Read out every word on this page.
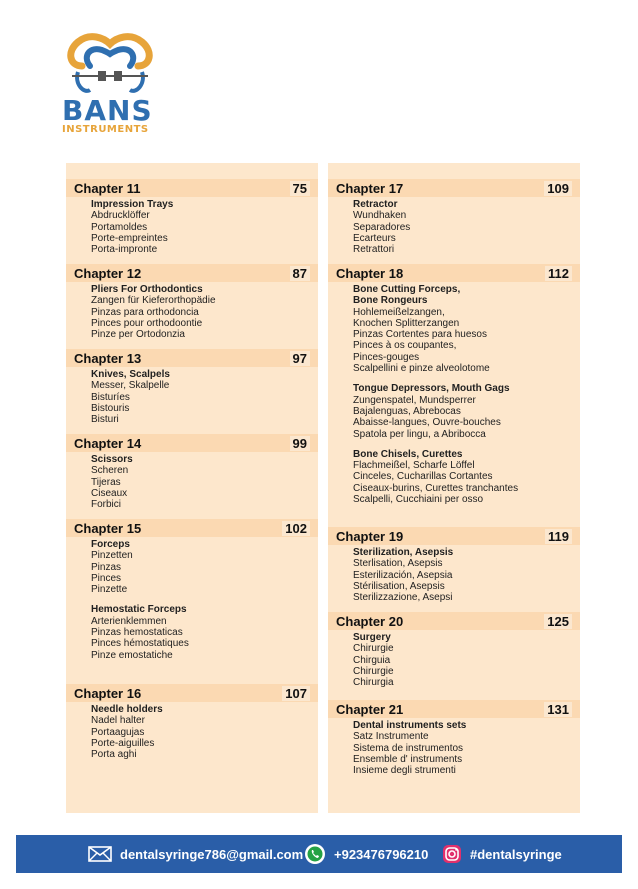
BANS
INSTRUMENTS
Chapter 11	75
Impression Trays
Abdrucklöffer
Portamoldes
Porte-empreintes
Porta-impronte
Chapter 12	87
Pliers For Orthodontics
Zangen für Kieferorthopädie
Pinzas para orthodoncia
Pinces pour orthodoontie
Pinze per Ortodonzia
Chapter 13	97
Knives, Scalpels
Messer, Skalpelle
Bisturíes
Bistouris
Bisturi
Chapter 14	99
Scissors
Scheren
Tijeras
Ciseaux
Forbici
Chapter 15	102
Forceps
Pinzetten
Pinzas
Pinces
Pinzette
Hemostatic Forceps
Arterienklemmen
Pinzas hemostaticas
Pinces hémostatiques
Pinze emostatiche
Chapter 16	107
Needle holders
Nadel halter
Portaagujas
Porte-aiguilles
Porta aghi
Chapter 17	109
Retractor
Wundhaken
Separadores
Ecarteurs
Retrattori
Chapter 18	112
Bone Cutting Forceps,
Bone Rongeurs
Hohlemeißelzangen,
Knochen Splitterzangen
Pinzas Cortentes para huesos
Pinces à os coupantes,
Pinces-gouges
Scalpellini e pinze alveolotome
Tongue Depressors, Mouth Gags
Zungenspatel, Mundsperrer
Bajalenguas, Abrebocas
Abaisse-langues, Ouvre-bouches
Spatola per lingu, a Abribocca
Bone Chisels, Curettes
Flachmeißel, Scharfe Löffel
Cinceles, Cucharillas Cortantes
Ciseaux-burins, Curettes tranchantes
Scalpelli, Cucchiaini per osso
Chapter 19	119
Sterilization, Asepsis
Sterlisation, Asepsis
Esterilización, Asepsia
Stérilisation, Asepsis
Sterilizzazione, Asepsi
Chapter 20	125
Surgery
Chirurgie
Chirguia
Chirurgie
Chirurgia
Chapter 21	131
Dental instruments sets
Satz Instrumente
Sistema de instrumentos
Ensemble d' instruments
Insieme degli strumenti
dentalsyringe786@gmail.com +923476796210	#dentalsyringe
